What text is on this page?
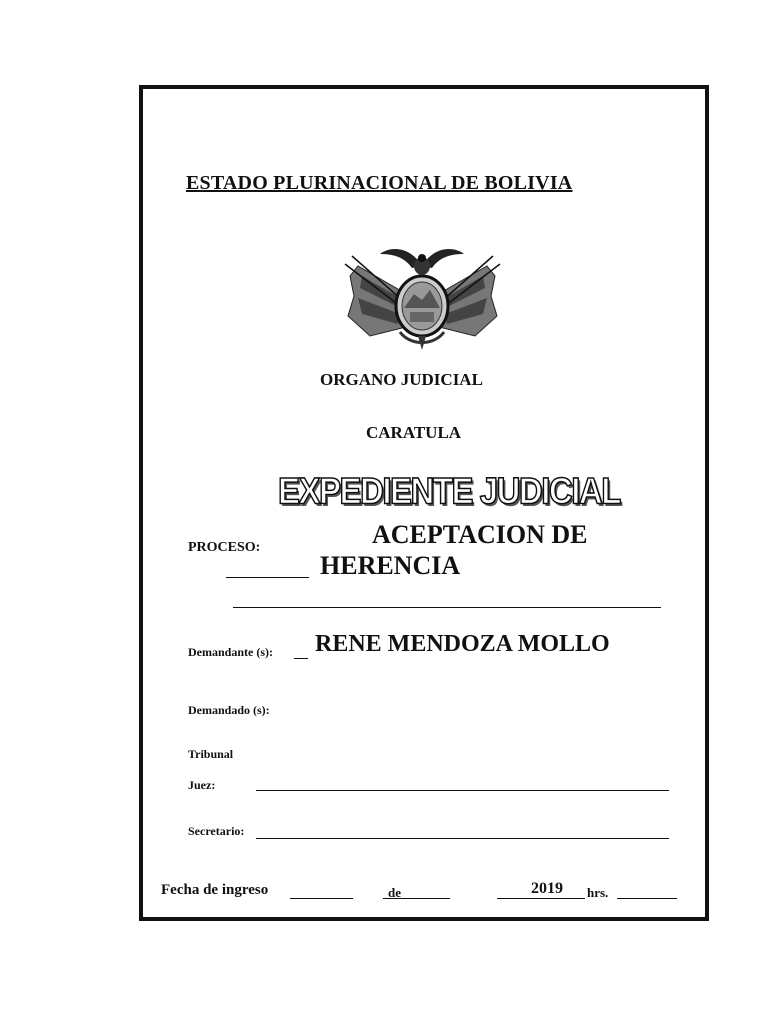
ESTADO PLURINACIONAL DE BOLIVIA
ORGANO JUDICIAL
CARATULA
EXPEDIENTE JUDICIAL
PROCESO:	ACEPTACION DE
HERENCIA
Demandante (s): RENE MENDOZA MOLLO
Demandado (s):
Tribunal
Juez:
Secretario:
Fecha de ingreso	de	2019 hrs.
